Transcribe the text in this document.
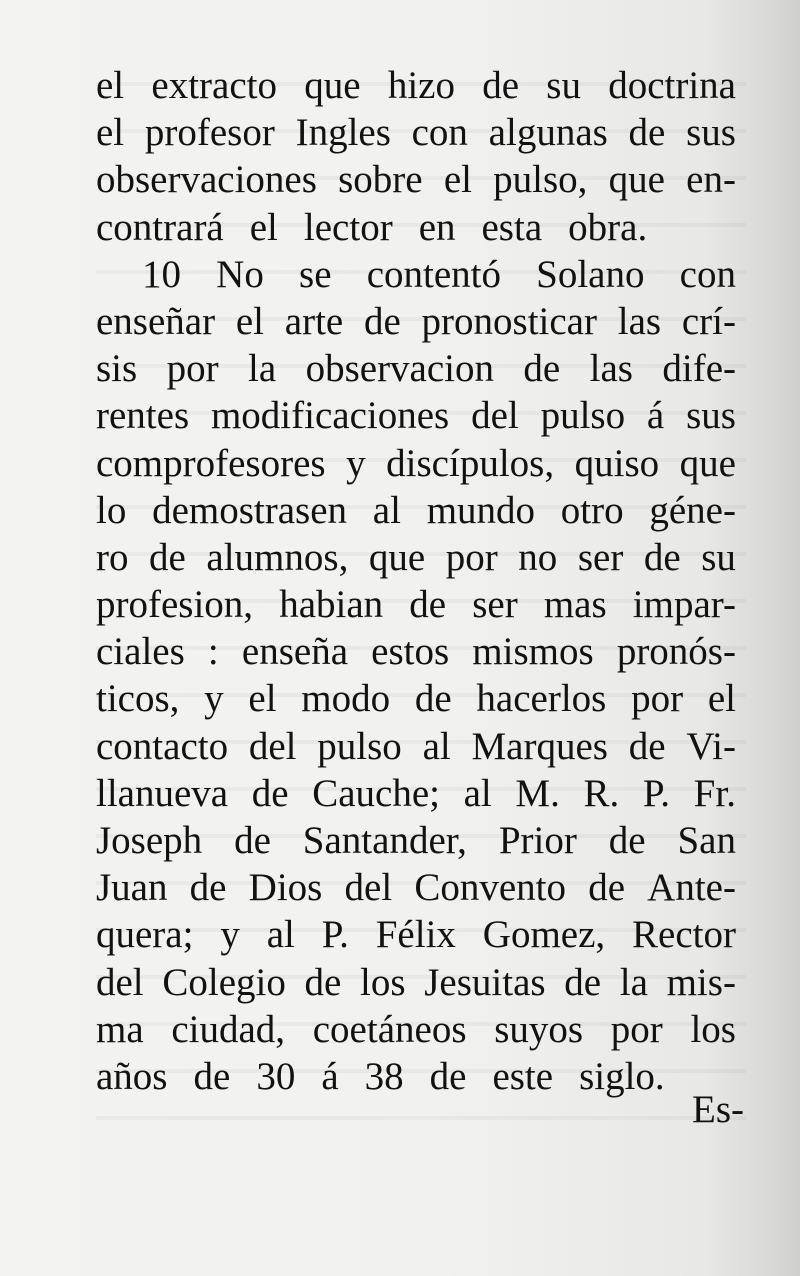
el extracto que hizo de su doctrina
el profesor Ingles con algunas de sus
observaciones sobre el pulso, que en-
contrará el lector en esta obra.
10 No se contentó Solano con
enseñar el arte de pronosticar las crí-
sis por la observacion de las dife-
rentes modificaciones del pulso á sus
comprofesores y discípulos, quiso que
lo demostrasen al mundo otro géne-
ro de alumnos, que por no ser de su
profesion, habian de ser mas impar-
ciales : enseña estos mismos pronós-
ticos, y el modo de hacerlos por el
contacto del pulso al Marques de Vi-
llanueva de Cauche; al M. R. P. Fr.
Joseph de Santander, Prior de San
Juan de Dios del Convento de Ante-
quera; y al P. Félix Gomez, Rector
del Colegio de los Jesuitas de la mis-
ma ciudad, coetáneos suyos por los
años de 30 á 38 de este siglo.
Es-
